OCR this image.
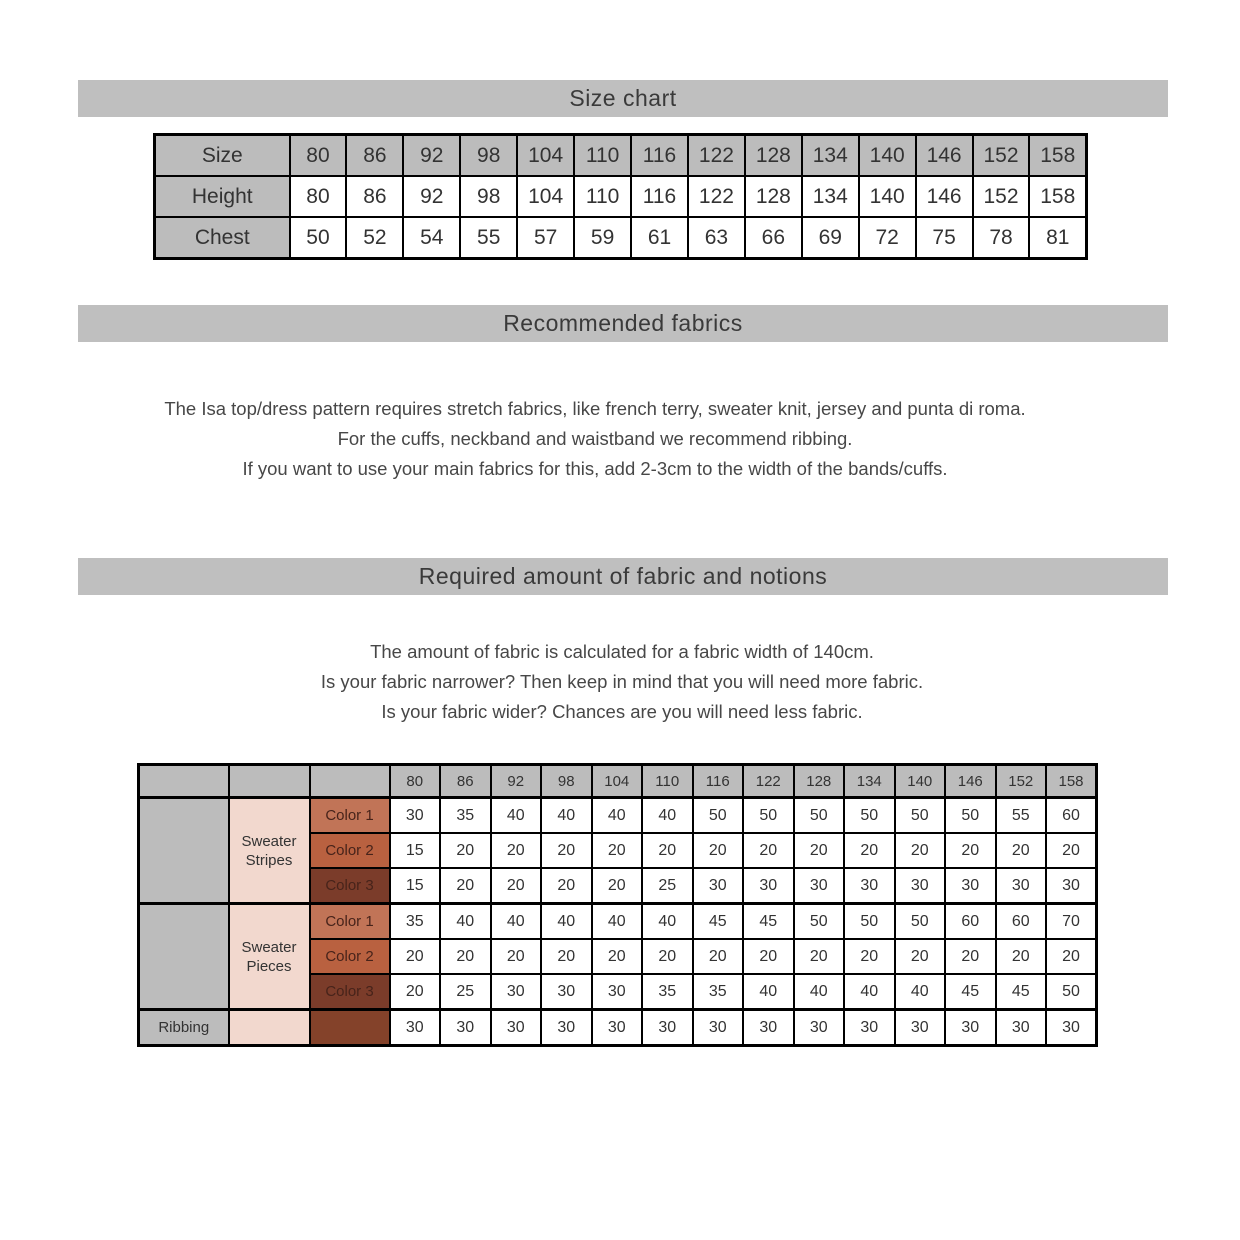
Size chart
Size	80	86	92	98	104	110	116	122	128	134	140	146	152	158
Height	80	86	92	98	104	110	116	122	128	134	140	146	152	158
Chest	50	52	54	55	57	59	61	63	66	69	72	75	78	81
Recommended fabrics
The Isa top/dress pattern requires stretch fabrics, like french terry, sweater knit, jersey and punta di roma.
For the cuffs, neckband and waistband we recommend ribbing.
If you want to use your main fabrics for this, add 2-3cm to the width of the bands/cuffs.
Required amount of fabric and notions
The amount of fabric is calculated for a fabric width of 140cm.
Is your fabric narrower? Then keep in mind that you will need more fabric.
Is your fabric wider? Chances are you will need less fabric.
			80	86	92	98	104	110	116	122	128	134	140	146	152	158
	Sweater Stripes	Color 1	30	35	40	40	40	40	50	50	50	50	50	50	55	60
		Color 2	15	20	20	20	20	20	20	20	20	20	20	20	20	20
		Color 3	15	20	20	20	20	25	30	30	30	30	30	30	30	30
	Sweater Pieces	Color 1	35	40	40	40	40	40	45	45	50	50	50	60	60	70
		Color 2	20	20	20	20	20	20	20	20	20	20	20	20	20	20
		Color 3	20	25	30	30	30	35	35	40	40	40	40	45	45	50
Ribbing			30	30	30	30	30	30	30	30	30	30	30	30	30	30
